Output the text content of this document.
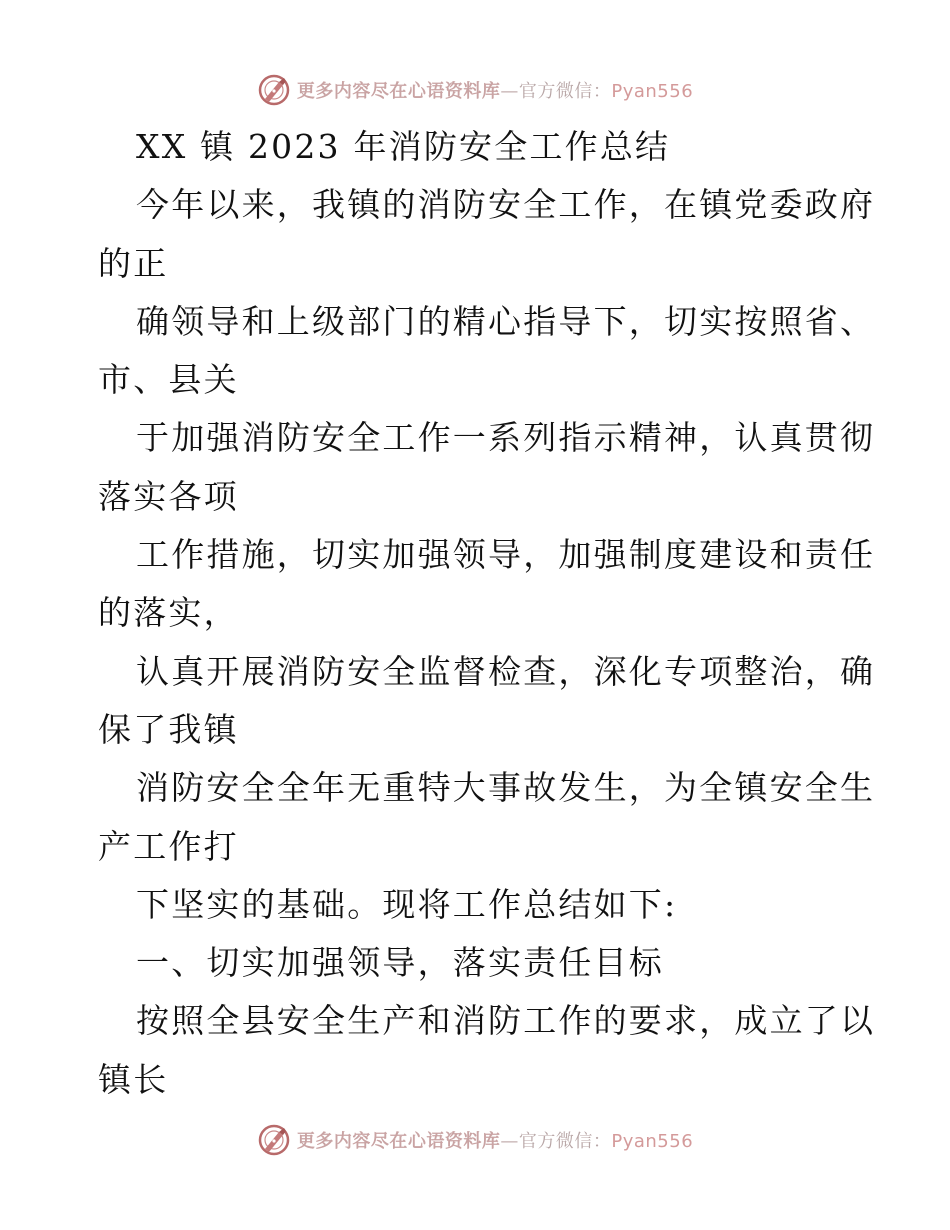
更多内容尽在心语资料库—官方微信：Pyan556
XX 镇 2023 年消防安全工作总结
今年以来，我镇的消防安全工作，在镇党委政府
的正
确领导和上级部门的精心指导下，切实按照省、
市、县关
于加强消防安全工作一系列指示精神，认真贯彻
落实各项
工作措施，切实加强领导，加强制度建设和责任
的落实，
认真开展消防安全监督检查，深化专项整治，确
保了我镇
消防安全全年无重特大事故发生，为全镇安全生
产工作打
下坚实的基础。现将工作总结如下:
一、切实加强领导，落实责任目标
按照全县安全生产和消防工作的要求，成立了以
镇长
更多内容尽在心语资料库—官方微信：Pyan556
